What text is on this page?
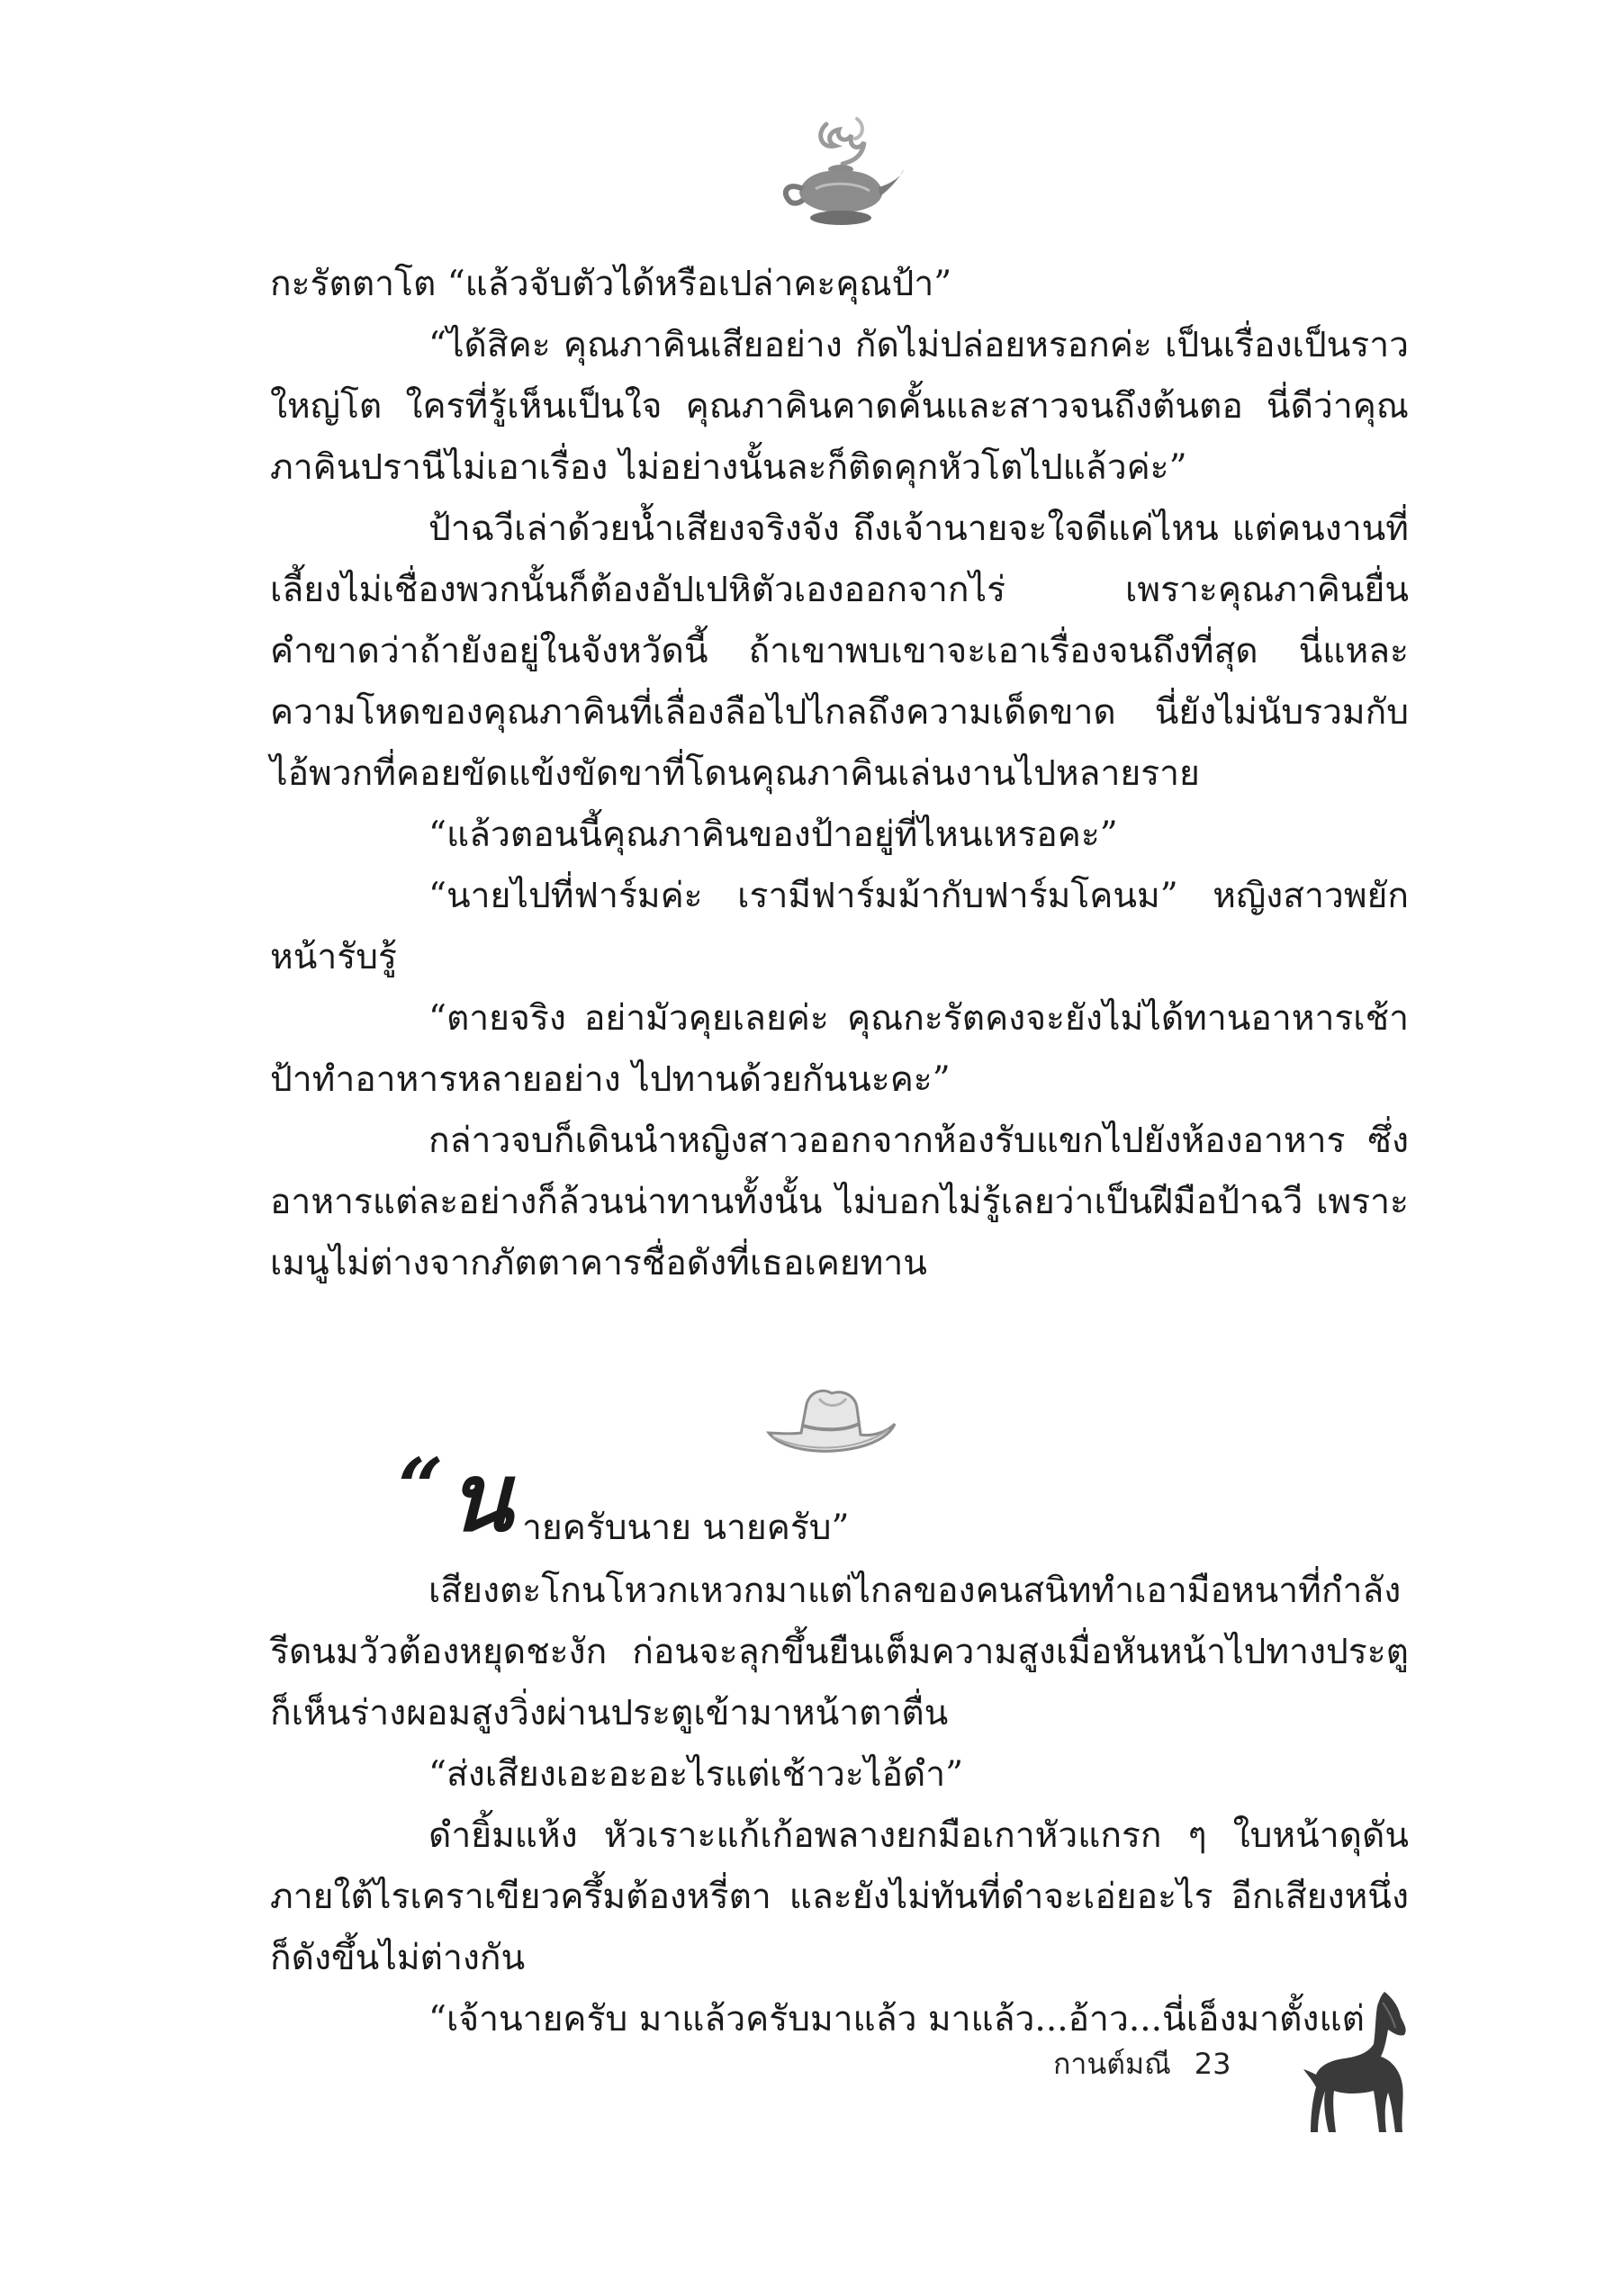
กะรัตตาโต “แล้วจับตัวได้หรือเปล่าคะคุณป้า”

“ได้สิคะ คุณภาคินเสียอย่าง กัดไม่ปล่อยหรอกค่ะ เป็นเรื่องเป็นราวใหญ่โต ใครที่รู้เห็นเป็นใจ คุณภาคินคาดคั้นและสาวจนถึงต้นตอ นี่ดีว่าคุณภาคินปรานีไม่เอาเรื่อง ไม่อย่างนั้นละก็ติดคุกหัวโตไปแล้วค่ะ”

ป้าฉวีเล่าด้วยน้ำเสียงจริงจัง ถึงเจ้านายจะใจดีแค่ไหน แต่คนงานที่เลี้ยงไม่เชื่องพวกนั้นก็ต้องอัปเปหิตัวเองออกจากไร่ เพราะคุณภาคินยื่นคำขาดว่าถ้ายังอยู่ในจังหวัดนี้ ถ้าเขาพบเขาจะเอาเรื่องจนถึงที่สุด นี่แหละความโหดของคุณภาคินที่เลื่องลือไปไกลถึงความเด็ดขาด นี่ยังไม่นับรวมกับไอ้พวกที่คอยขัดแข้งขัดขาที่โดนคุณภาคินเล่นงานไปหลายราย

“แล้วตอนนี้คุณภาคินของป้าอยู่ที่ไหนเหรอคะ”

“นายไปที่ฟาร์มค่ะ เรามีฟาร์มม้ากับฟาร์มโคนม” หญิงสาวพยักหน้ารับรู้

“ตายจริง อย่ามัวคุยเลยค่ะ คุณกะรัตคงจะยังไม่ได้ทานอาหารเช้า ป้าทำอาหารหลายอย่าง ไปทานด้วยกันนะคะ”

กล่าวจบก็เดินนำหญิงสาวออกจากห้องรับแขกไปยังห้องอาหาร ซึ่งอาหารแต่ละอย่างก็ล้วนน่าทานทั้งนั้น ไม่บอกไม่รู้เลยว่าเป็นฝีมือป้าฉวี เพราะเมนูไม่ต่างจากภัตตาคารชื่อดังที่เธอเคยทาน

“ น ายครับนาย นายครับ”

เสียงตะโกนโหวกเหวกมาแต่ไกลของคนสนิททำเอามือหนาที่กำลังรีดนมวัวต้องหยุดชะงัก ก่อนจะลุกขึ้นยืนเต็มความสูงเมื่อหันหน้าไปทางประตูก็เห็นร่างผอมสูงวิ่งผ่านประตูเข้ามาหน้าตาตื่น

“ส่งเสียงเอะอะอะไรแต่เช้าวะไอ้ดำ”

ดำยิ้มแห้ง หัวเราะแก้เก้อพลางยกมือเกาหัวแกรก ๆ ใบหน้าดุดันภายใต้ไรเคราเขียวครึ้มต้องหรี่ตา และยังไม่ทันที่ดำจะเอ่ยอะไร อีกเสียงหนึ่งก็ดังขึ้นไม่ต่างกัน

“เจ้านายครับ มาแล้วครับมาแล้ว มาแล้ว...อ้าว...นี่เอ็งมาตั้งแต่

กานต์มณี 23
